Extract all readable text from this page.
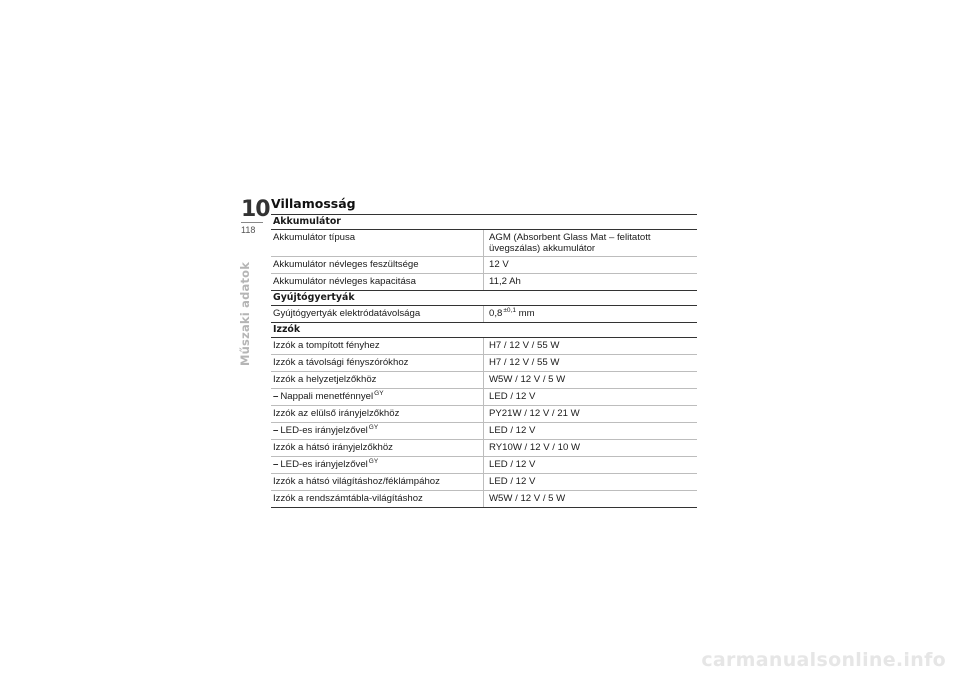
10
118
Műszaki adatok
Villamosság
Akkumulátor
Akkumulátor típusa	AGM (Absorbent Glass Mat – felitatott üvegszálas) akkumulátor
Akkumulátor névleges feszültsége	12 V
Akkumulátor névleges kapacitása	11,2 Ah
Gyújtógyertyák
Gyújtógyertyák elektródatávolsága	$0,8^{\pm 0,1}$ mm
Izzók
Izzók a tompított fényhez	H7 / 12 V / 55 W
Izzók a távolsági fényszórókhoz	H7 / 12 V / 55 W
Izzók a helyzetjelzőkhöz	W5W / 12 V / 5 W
– Nappali menetfénnyel$^{GY}$	LED / 12 V
Izzók az elülső irányjelzőkhöz	PY21W / 12 V / 21 W
– LED-es irányjelzővel$^{GY}$	LED / 12 V
Izzók a hátsó irányjelzőkhöz	RY10W / 12 V / 10 W
– LED-es irányjelzővel$^{GY}$	LED / 12 V
Izzók a hátsó világításhoz/féklámpához	LED / 12 V
Izzók a rendszámtábla-világításhoz	W5W / 12 V / 5 W
carmanualsonline.info
